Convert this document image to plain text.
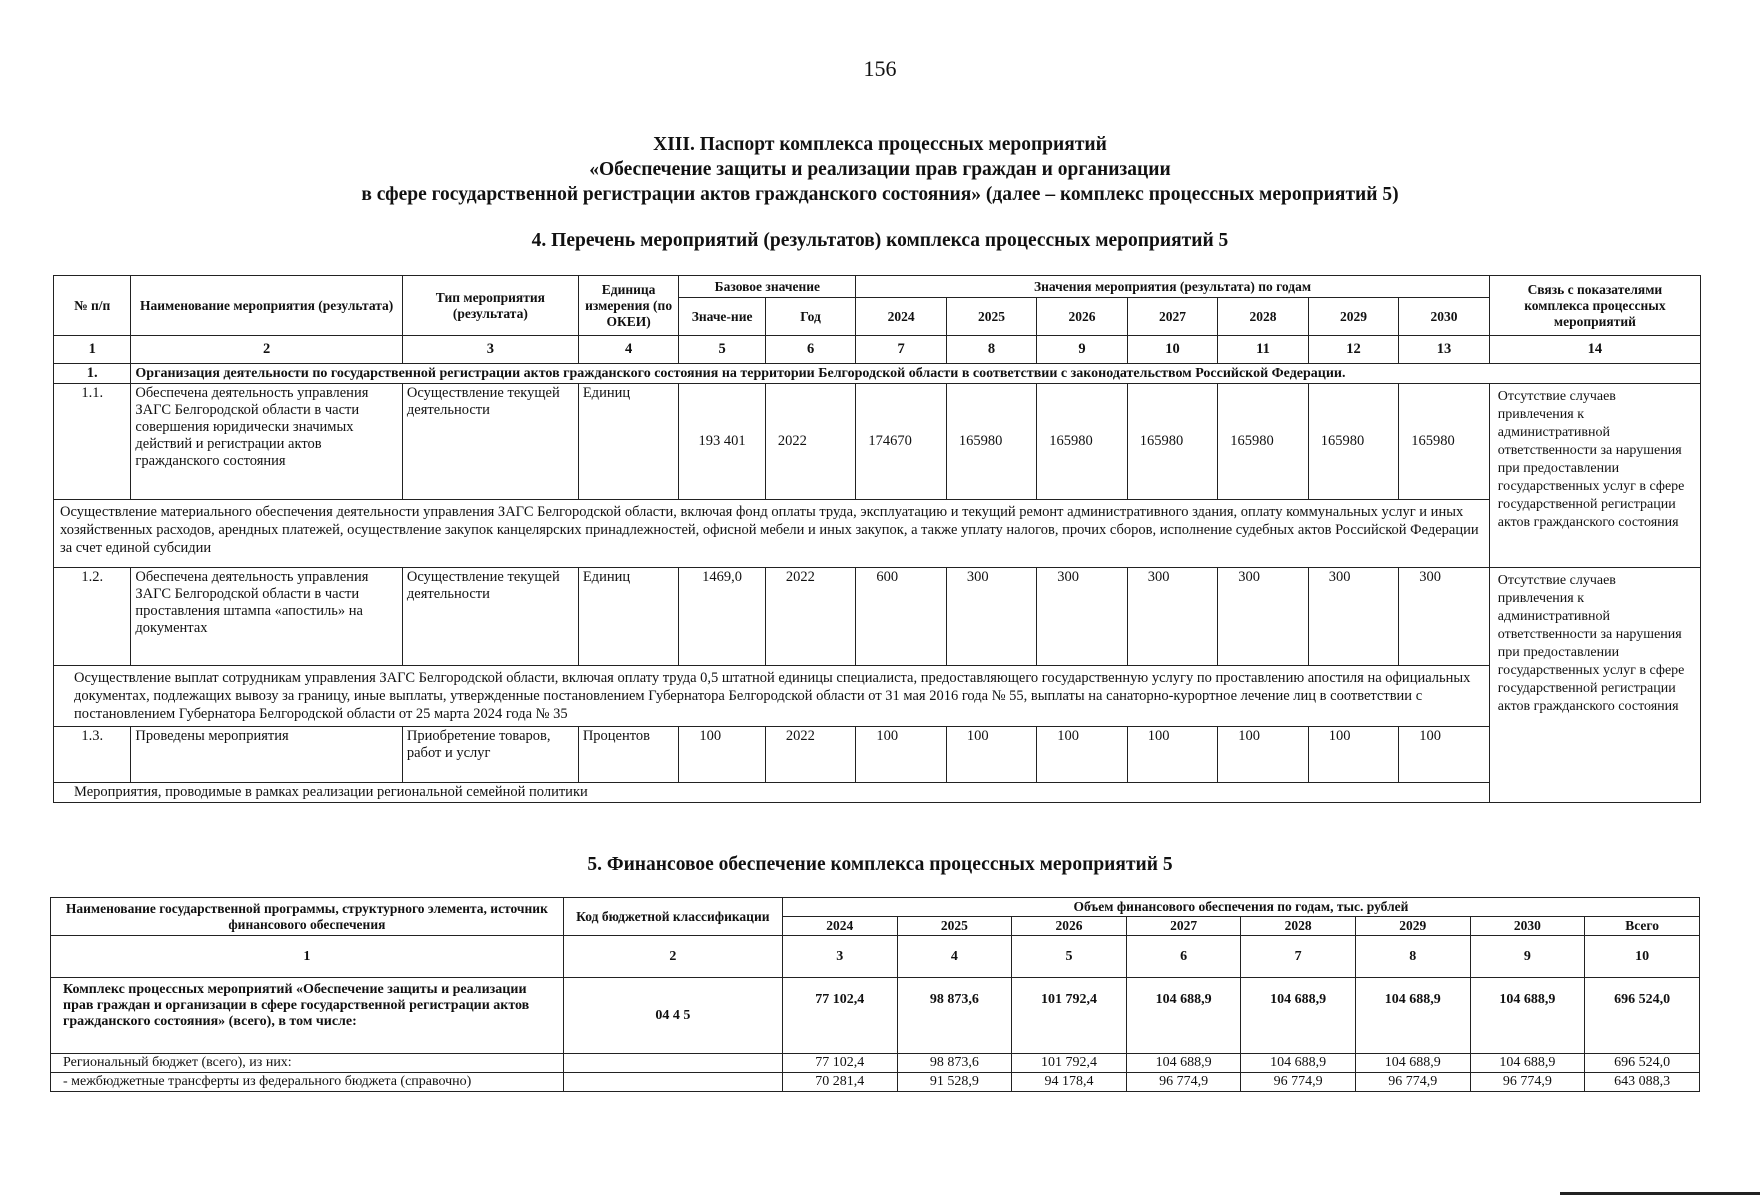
156
XIII. Паспорт комплекса процессных мероприятий
«Обеспечение защиты и реализации прав граждан и организации
в сфере государственной регистрации актов гражданского состояния» (далее – комплекс процессных мероприятий 5)
4. Перечень мероприятий (результатов) комплекса процессных мероприятий 5
№ п/п	Наименование мероприятия (результата)	Тип мероприятия (результата)	Единица измерения (по ОКЕИ)	Базовое значение		Значения мероприятия (результата) по годам							Связь с показателями комплекса процессных мероприятий
				Значе-ние	Год	2024	2025	2026	2027	2028	2029	2030	
1	2	3	4	5	6	7	8	9	10	11	12	13	14
1.	Организация деятельности по государственной регистрации актов гражданского состояния на территории Белгородской области в соответствии с законодательством Российской Федерации.												
1.1.	Обеспечена деятельность управления ЗАГС Белгородской области в части совершения юридически значимых действий и регистрации актов гражданского состояния	Осуществление текущей деятельности	Единиц	193 401	2022	174670	165980	165980	165980	165980	165980	165980	Отсутствие случаев привлечения к административной ответственности за нарушения при предоставлении государственных услуг в сфере государственной регистрации актов гражданского состояния
Осуществление материального обеспечения деятельности управления ЗАГС Белгородской области, включая фонд оплаты труда, эксплуатацию и текущий ремонт административного здания, оплату коммунальных услуг и иных хозяйственных расходов, арендных платежей, осуществление закупок канцелярских принадлежностей, офисной мебели и иных закупок, а также уплату налогов, прочих сборов, исполнение судебных актов Российской Федерации за счет единой субсидии													
1.2.	Обеспечена деятельность управления ЗАГС Белгородской области в части проставления штампа «апостиль» на документах	Осуществление текущей деятельности	Единиц	1469,0	2022	600	300	300	300	300	300	300	Отсутствие случаев привлечения к административной ответственности за нарушения при предоставлении государственных услуг в сфере государственной регистрации актов гражданского состояния
Осуществление выплат сотрудникам управления ЗАГС Белгородской области, включая оплату труда 0,5 штатной единицы специалиста, предоставляющего государственную услугу по проставлению апостиля на официальных документах, подлежащих вывозу за границу, иные выплаты, утвержденные постановлением Губернатора Белгородской области от 31 мая 2016 года № 55, выплаты на санаторно-курортное лечение лиц в соответствии с постановлением Губернатора Белгородской области от 25 марта 2024 года № 35													
1.3.	Проведены мероприятия	Приобретение товаров, работ и услуг	Процентов	100	2022	100	100	100	100	100	100	100	
Мероприятия, проводимые в рамках реализации региональной семейной политики													
5. Финансовое обеспечение комплекса процессных мероприятий 5
Наименование государственной программы, структурного элемента, источник финансового обеспечения	Код бюджетной классификации	Объем финансового обеспечения по годам, тыс. рублей							
		2024	2025	2026	2027	2028	2029	2030	Всего
1	2	3	4	5	6	7	8	9	10
Комплекс процессных мероприятий «Обеспечение защиты и реализации прав граждан и организации в сфере государственной регистрации актов гражданского состояния» (всего), в том числе:	04 4 5	77 102,4	98 873,6	101 792,4	104 688,9	104 688,9	104 688,9	104 688,9	696 524,0
Региональный бюджет (всего), из них:		77 102,4	98 873,6	101 792,4	104 688,9	104 688,9	104 688,9	104 688,9	696 524,0
- межбюджетные трансферты из федерального бюджета (справочно)		70 281,4	91 528,9	94 178,4	96 774,9	96 774,9	96 774,9	96 774,9	643 088,3
